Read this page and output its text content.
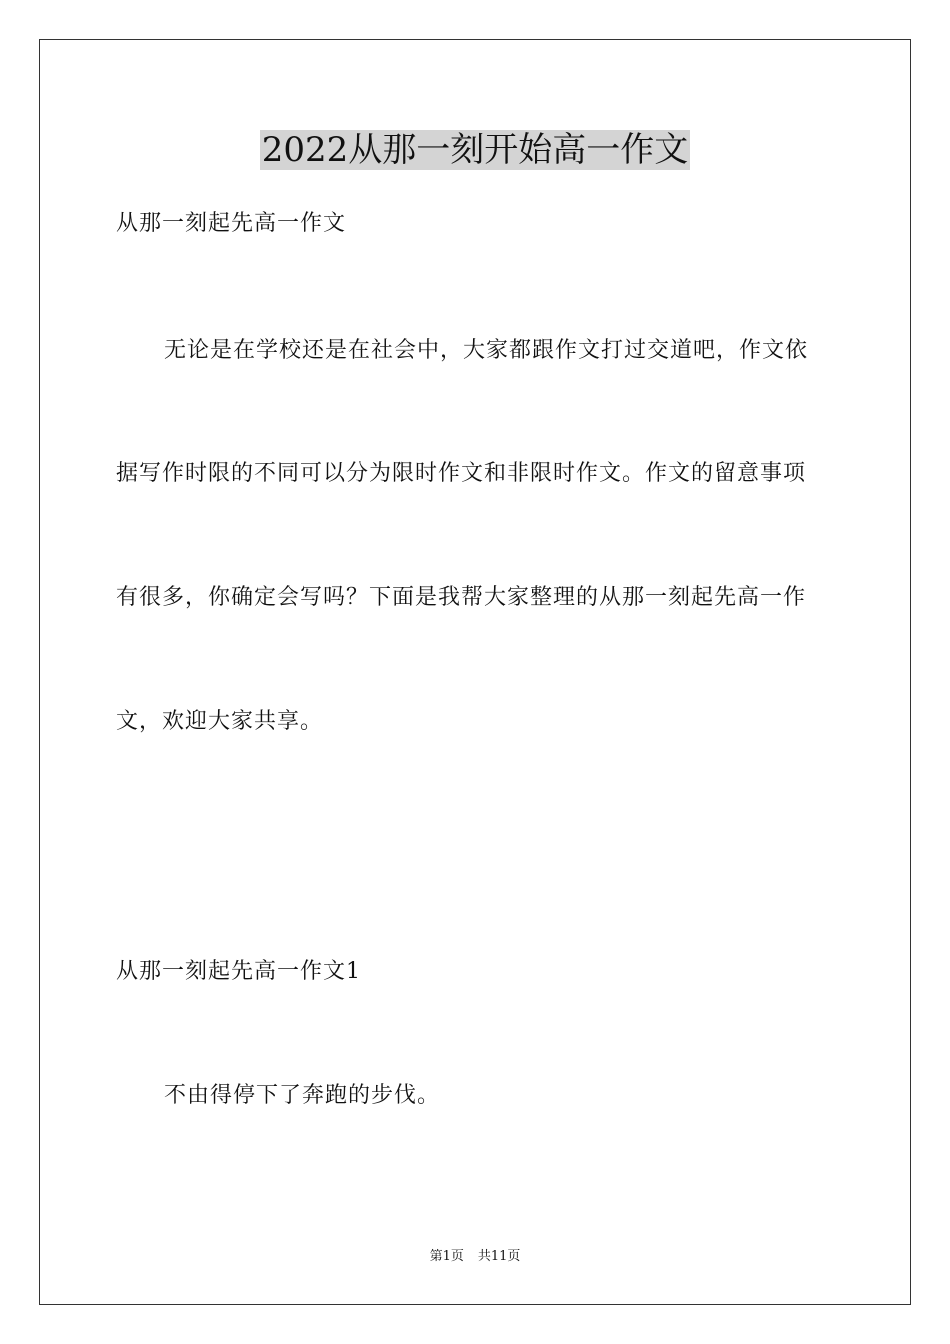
2022从那一刻开始高一作文
从那一刻起先高一作文
无论是在学校还是在社会中，大家都跟作文打过交道吧，作文依
据写作时限的不同可以分为限时作文和非限时作文。作文的留意事项
有很多，你确定会写吗？下面是我帮大家整理的从那一刻起先高一作
文，欢迎大家共享。
从那一刻起先高一作文1
不由得停下了奔跑的步伐。
第1页 共11页
